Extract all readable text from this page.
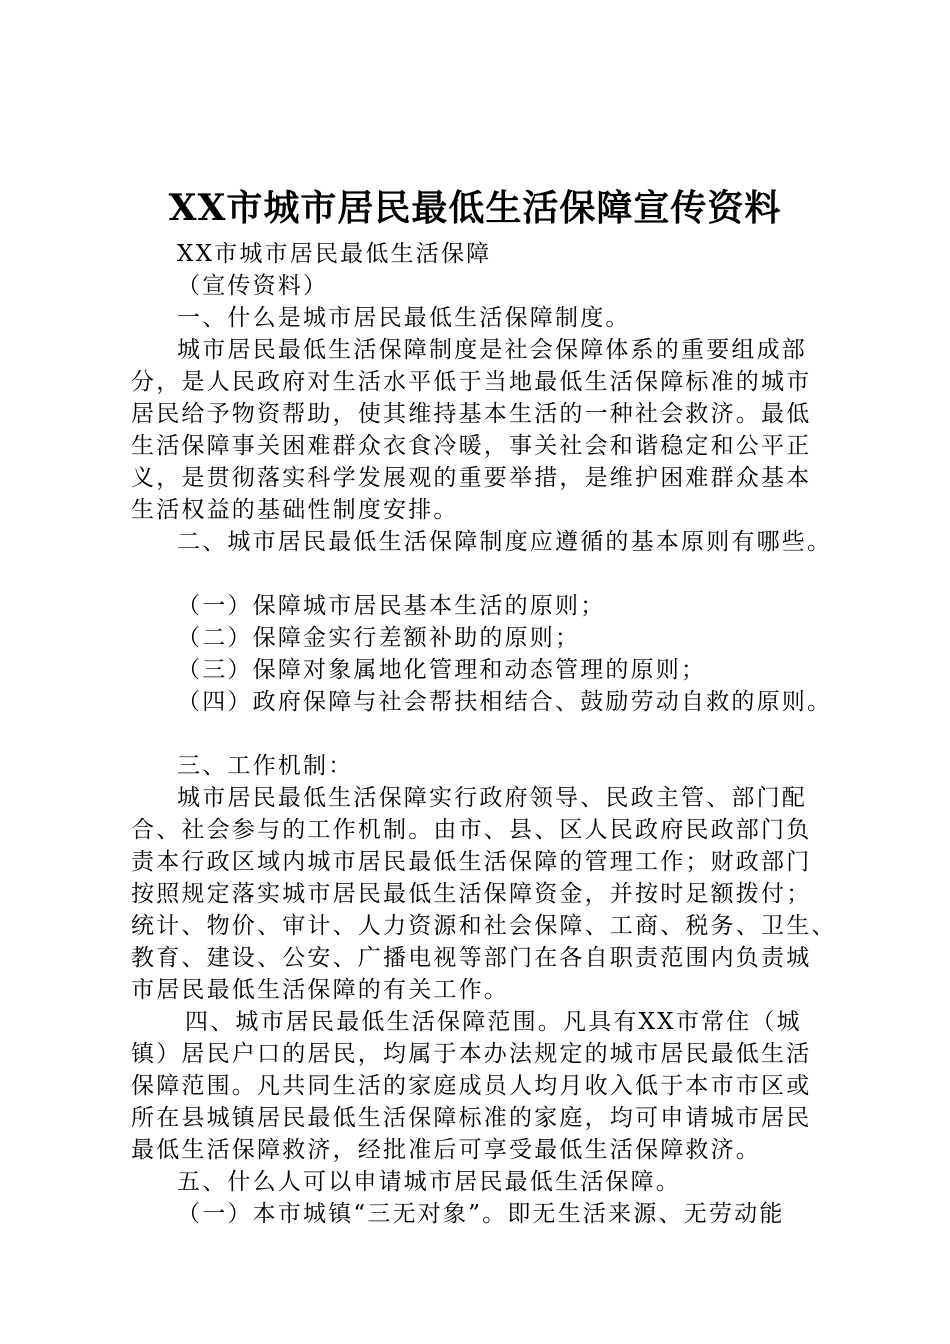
XX市城市居民最低生活保障宣传资料
XX市城市居民最低生活保障
（宣传资料）
一、什么是城市居民最低生活保障制度。
城市居民最低生活保障制度是社会保障体系的重要组成部
分，是人民政府对生活水平低于当地最低生活保障标准的城市
居民给予物资帮助，使其维持基本生活的一种社会救济。最低
生活保障事关困难群众衣食冷暖，事关社会和谐稳定和公平正
义，是贯彻落实科学发展观的重要举措，是维护困难群众基本
生活权益的基础性制度安排。
二、城市居民最低生活保障制度应遵循的基本原则有哪些。
（一）保障城市居民基本生活的原则；
（二）保障金实行差额补助的原则；
（三）保障对象属地化管理和动态管理的原则；
（四）政府保障与社会帮扶相结合、鼓励劳动自救的原则。
三、工作机制：
城市居民最低生活保障实行政府领导、民政主管、部门配
合、社会参与的工作机制。由市、县、区人民政府民政部门负
责本行政区域内城市居民最低生活保障的管理工作；财政部门
按照规定落实城市居民最低生活保障资金，并按时足额拨付；
统计、物价、审计、人力资源和社会保障、工商、税务、卫生、
教育、建设、公安、广播电视等部门在各自职责范围内负责城
市居民最低生活保障的有关工作。
四、城市居民最低生活保障范围。凡具有XX市常住（城
镇）居民户口的居民，均属于本办法规定的城市居民最低生活
保障范围。凡共同生活的家庭成员人均月收入低于本市市区或
所在县城镇居民最低生活保障标准的家庭，均可申请城市居民
最低生活保障救济，经批准后可享受最低生活保障救济。
五、什么人可以申请城市居民最低生活保障。
（一）本市城镇“三无对象”。即无生活来源、无劳动能
